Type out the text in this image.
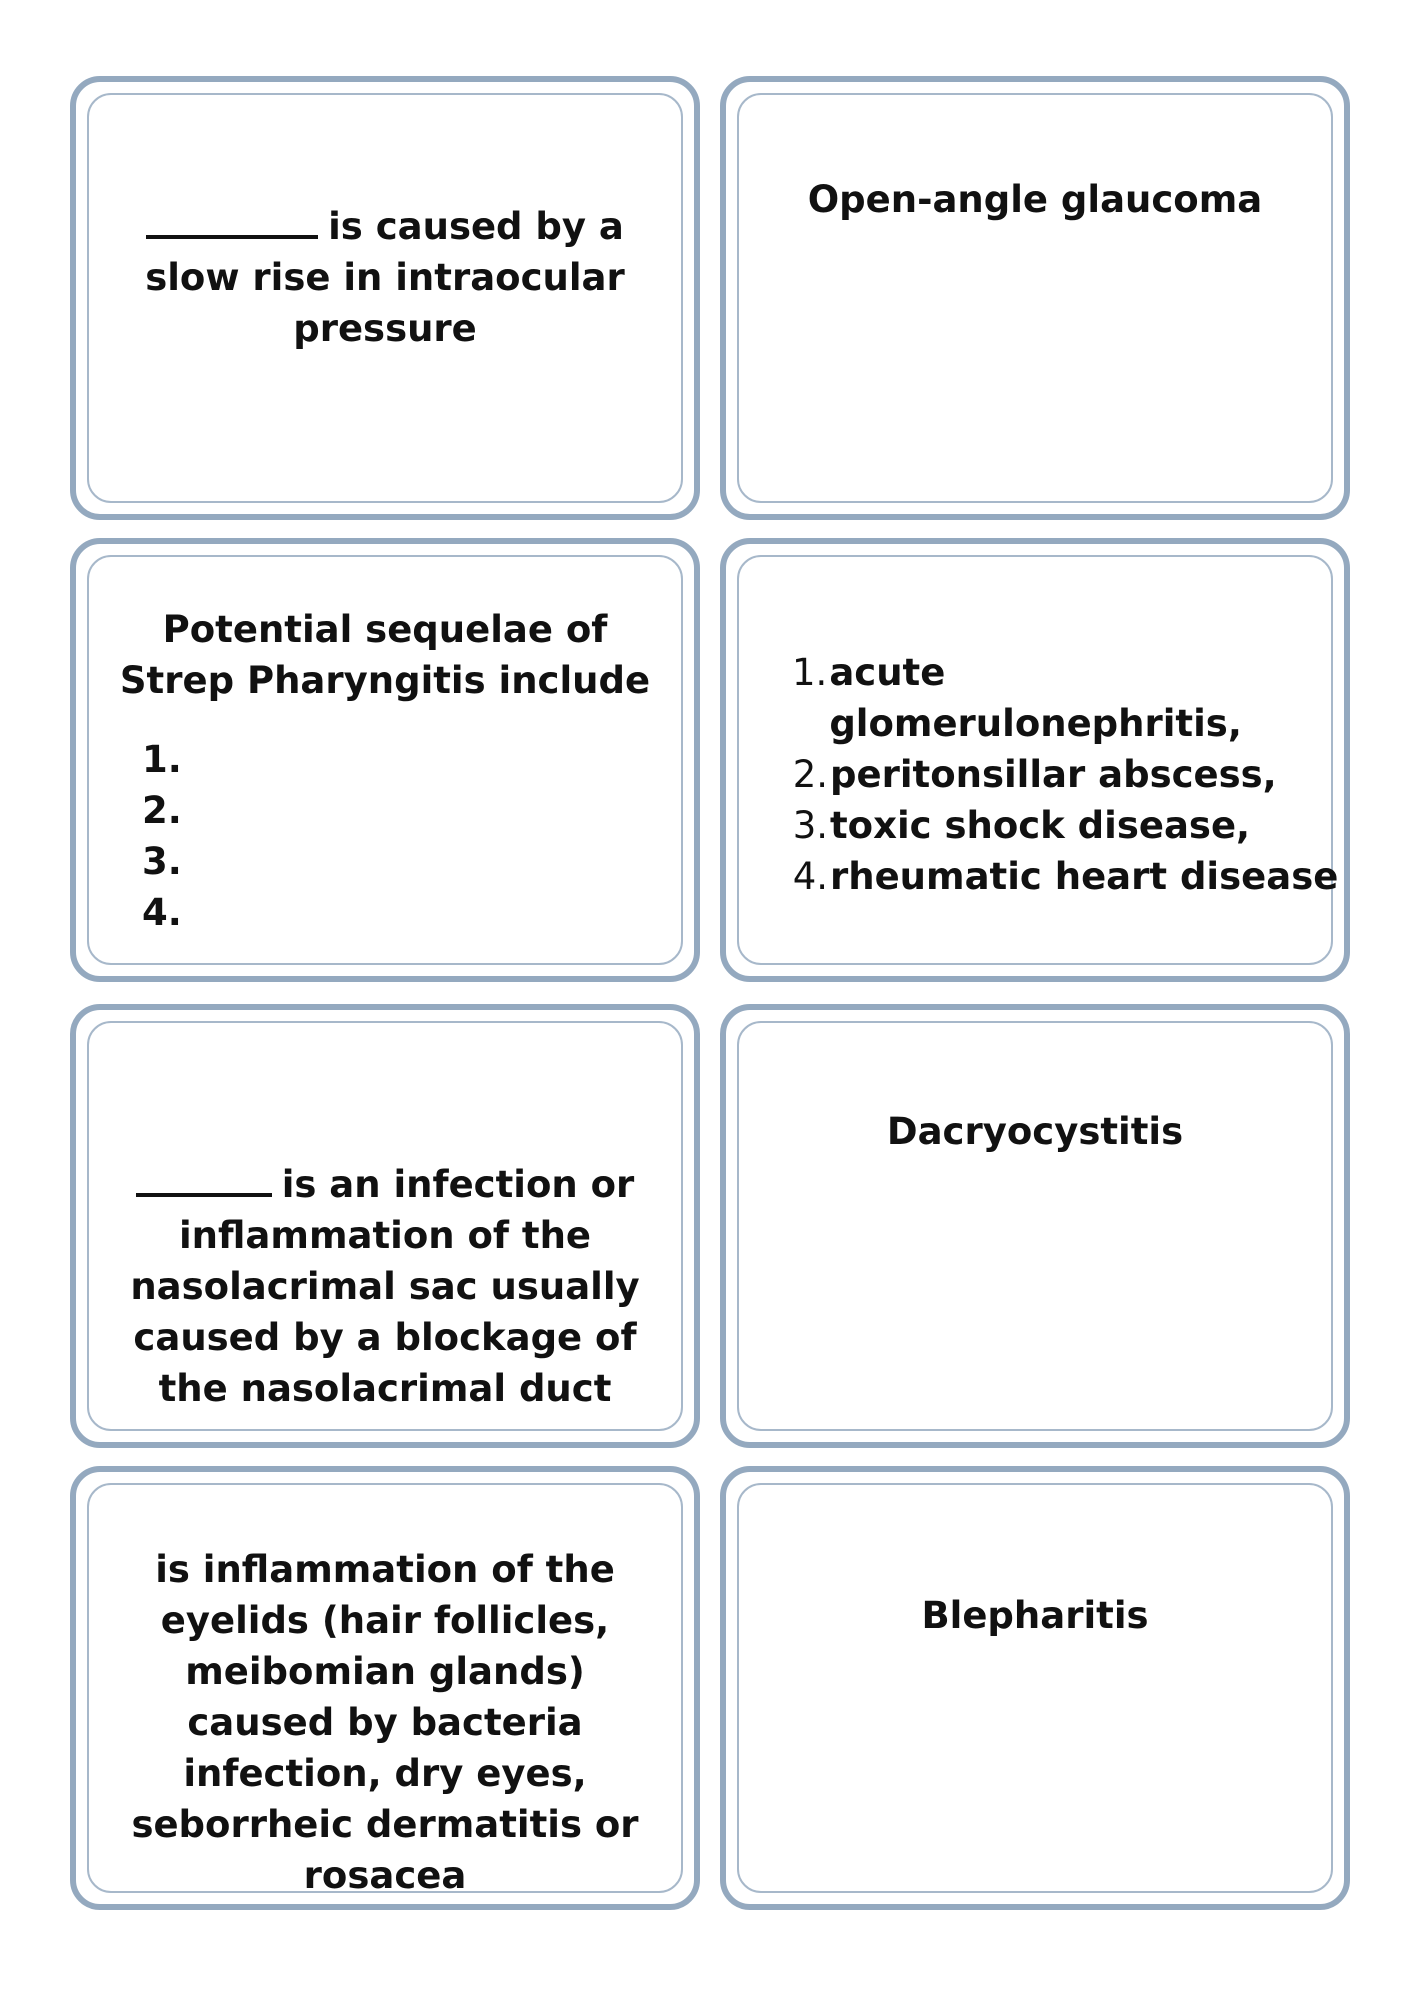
is caused by a
slow rise in intraocular
pressure

Open-angle glaucoma
Potential sequelae of
Strep Pharyngitis include
1.
2.
3.
4.
1. acute glomerulonephritis,
2. peritonsillar abscess,
3. toxic shock disease,
4. rheumatic heart disease

is an infection or
inflammation of the
nasolacrimal sac usually
caused by a blockage of
the nasolacrimal duct

Dacryocystitis
is inflammation of the
eyelids (hair follicles,
meibomian glands)
caused by bacteria
infection, dry eyes,
seborrheic dermatitis or
rosacea
Blepharitis
